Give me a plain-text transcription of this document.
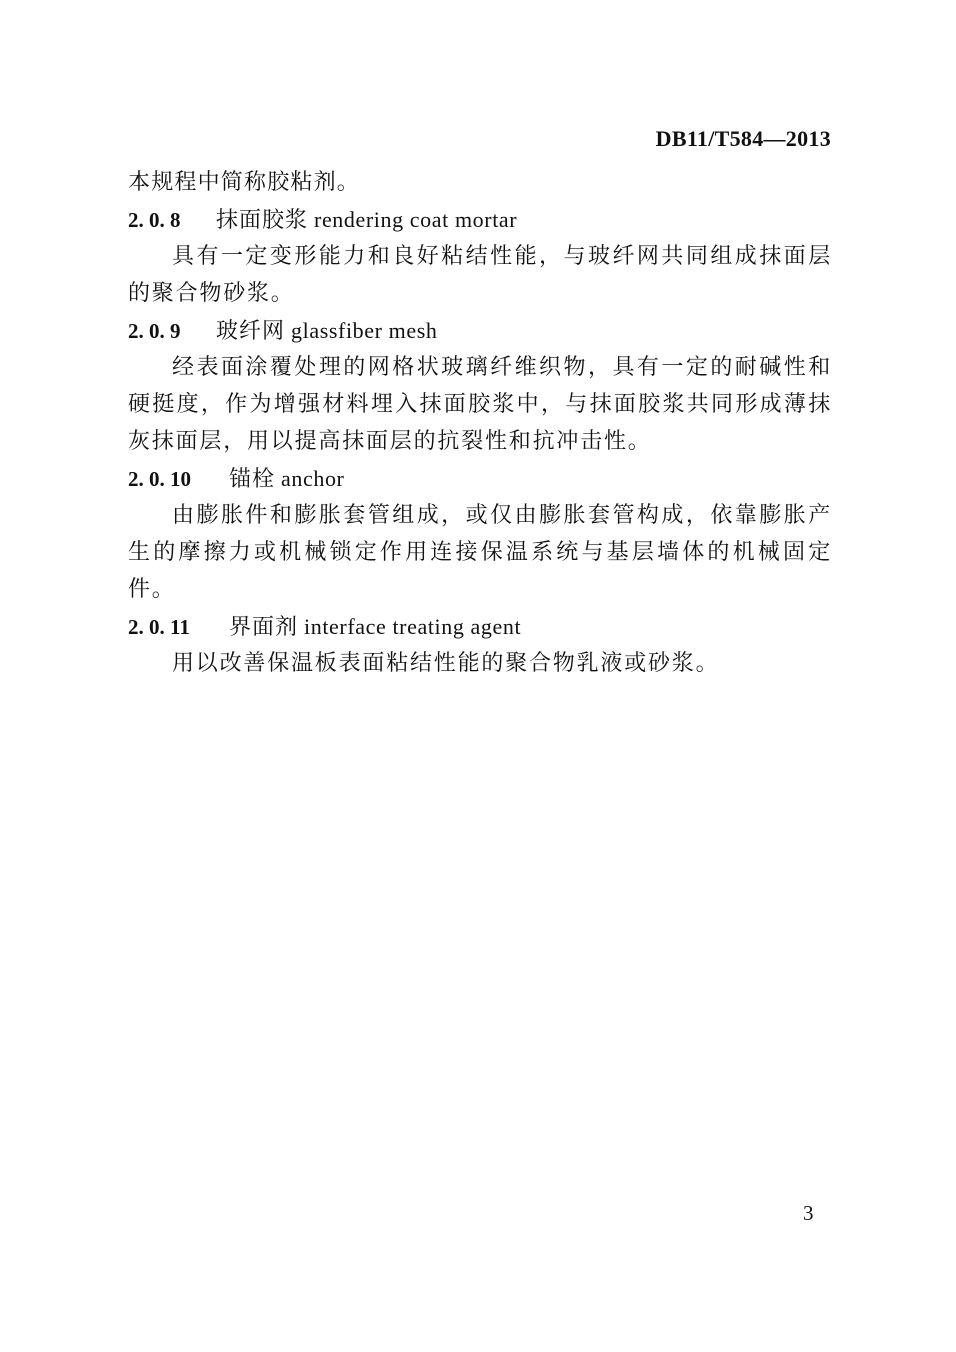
DB11/T584—2013
本规程中简称胶粘剂。
2. 0. 8 抹面胶浆 rendering coat mortar

具有一定变形能力和良好粘结性能，与玻纤网共同组成抹面层的聚合物砂浆。

2. 0. 9 玻纤网 glassfiber mesh

经表面涂覆处理的网格状玻璃纤维织物，具有一定的耐碱性和硬挺度，作为增强材料埋入抹面胶浆中，与抹面胶浆共同形成薄抹灰抹面层，用以提高抹面层的抗裂性和抗冲击性。

2. 0. 10 锚栓 anchor

由膨胀件和膨胀套管组成，或仅由膨胀套管构成，依靠膨胀产生的摩擦力或机械锁定作用连接保温系统与基层墙体的机械固定件。

2. 0. 11 界面剂 interface treating agent

用以改善保温板表面粘结性能的聚合物乳液或砂浆。

3
